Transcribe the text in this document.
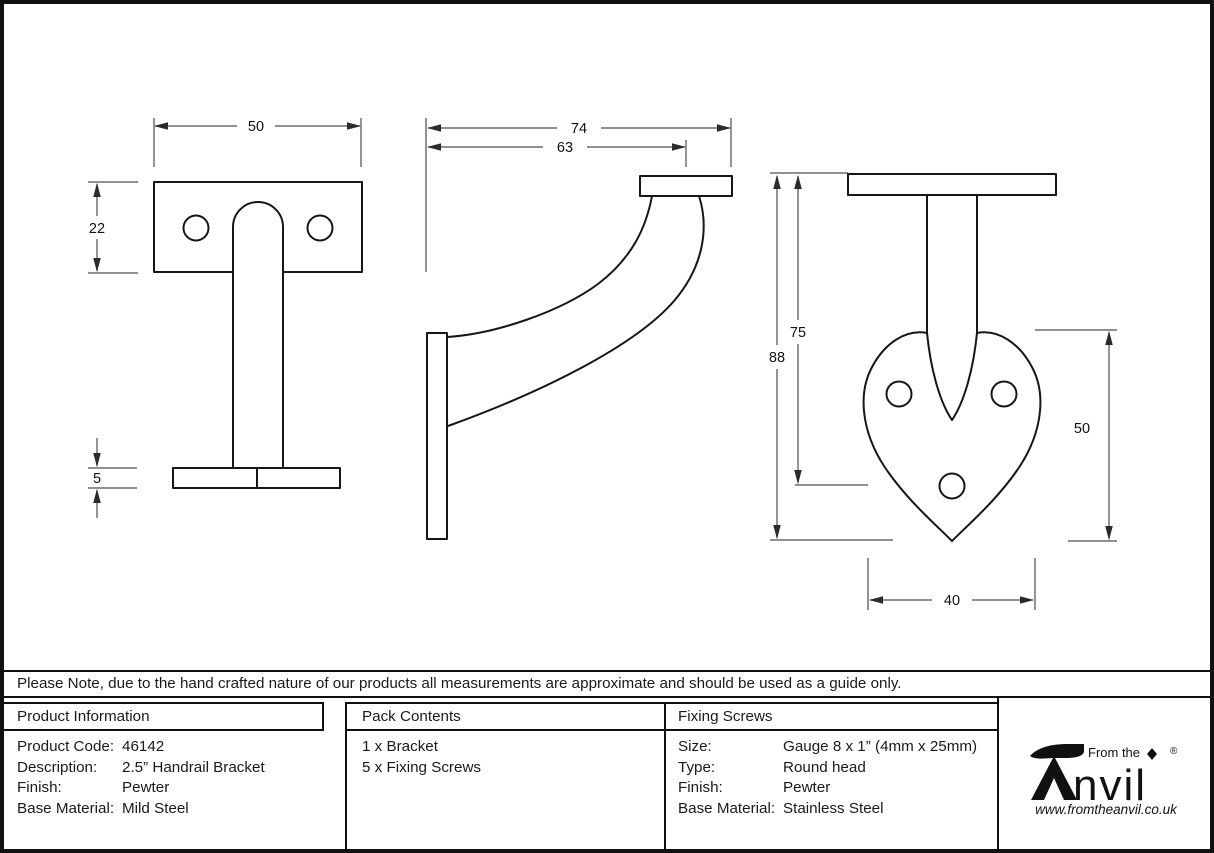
50
22
5
74
63
88
75
50
40
Please Note, due to the hand crafted nature of our products all measurements are approximate and should be used as a guide only.
Product Information	Pack Contents	Fixing Screws
Product Code: 46142
Description:	2.5” Handrail Bracket
Finish:	Pewter
Base Material: Mild Steel
1 x Bracket
5 x Fixing Screws
Size:	Gauge 8 x 1” (4mm x 25mm)
Type:	Round head
Finish:	Pewter
Base Material: Stainless Steel	nvil
From the	®
www.fromtheanvil.co.uk
